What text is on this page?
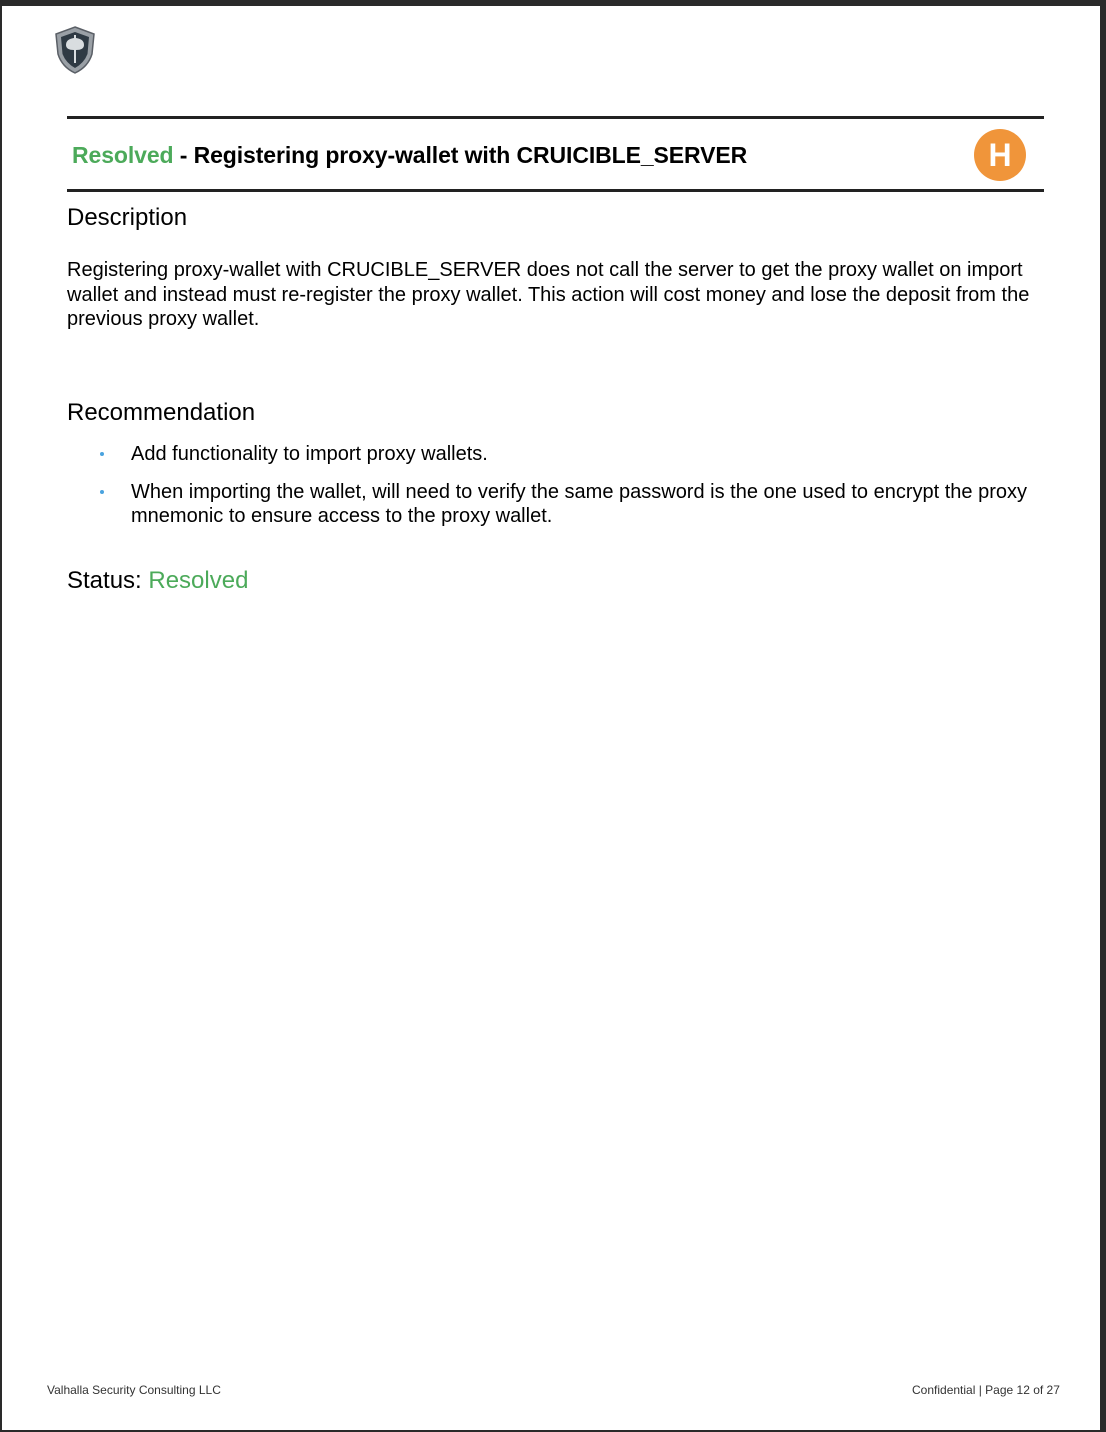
Resolved - Registering proxy-wallet with CRUICIBLE_SERVER	H
Description
Registering proxy-wallet with CRUCIBLE_SERVER does not call the server to get the proxy wallet on import wallet and instead must re-register the proxy wallet. This action will cost money and lose the deposit from the previous proxy wallet.
Recommendation
Add functionality to import proxy wallets.
When importing the wallet, will need to verify the same password is the one used to encrypt the proxy mnemonic to ensure access to the proxy wallet.
Status: Resolved
Valhalla Security Consulting LLC	Confidential | Page 12 of 27
